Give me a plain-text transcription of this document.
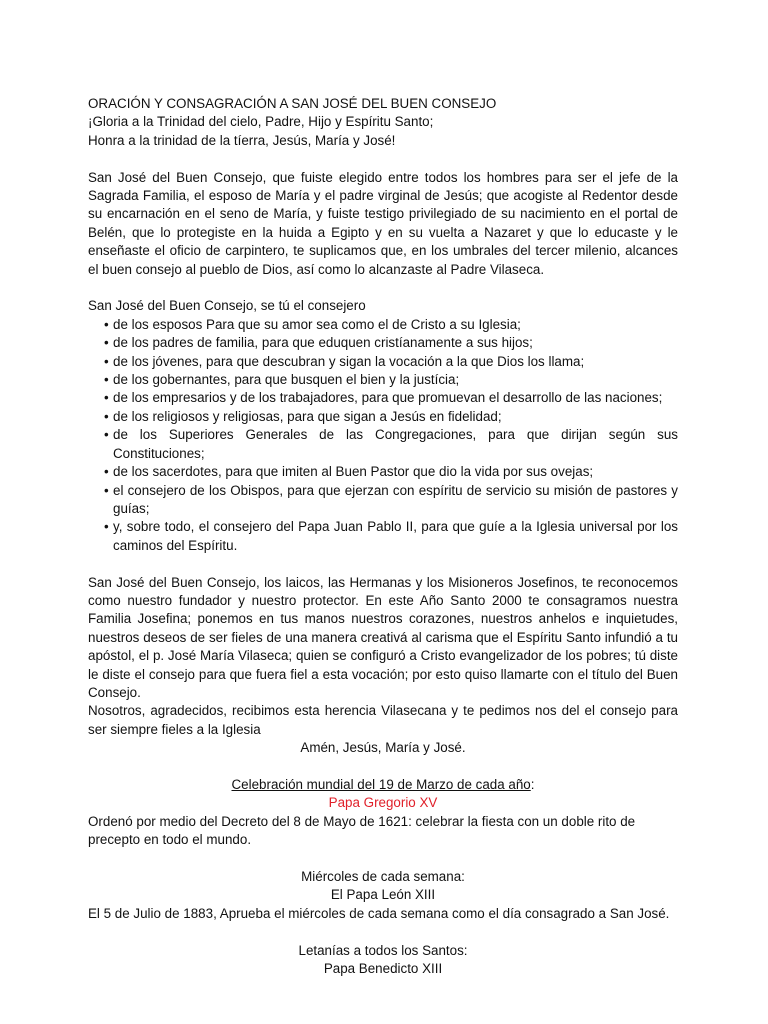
ORACIÓN Y CONSAGRACIÓN A SAN JOSÉ DEL BUEN CONSEJO

¡Gloria a la Trinidad del cielo, Padre, Hijo y Espíritu Santo;

Honra a la trinidad de la tíerra, Jesús, María y José!

San José del Buen Consejo, que fuiste elegido entre todos los hombres para ser el jefe de la Sagrada Familia, el esposo de María y el padre virginal de Jesús; que acogiste al Redentor desde su encarnación en el seno de María, y fuiste testigo privilegiado de su nacimiento en el portal de Belén, que lo protegiste en la huida a Egipto y en su vuelta a Nazaret y que lo educaste y le enseñaste el oficio de carpintero, te suplicamos que, en los umbrales del tercer milenio, alcances el buen consejo al pueblo de Dios, así como lo alcanzaste al Padre Vilaseca.

San José del Buen Consejo, se tú el consejero

• de los esposos Para que su amor sea como el de Cristo a su Iglesia;
• de los padres de familia, para que eduquen cristíanamente a sus hijos;
• de los jóvenes, para que descubran y sigan la vocación a la que Dios los llama;
• de los gobernantes, para que busquen el bien y la justícia;
• de los empresarios y de los trabajadores, para que promuevan el desarrollo de las naciones;
• de los religiosos y religiosas, para que sigan a Jesús en fidelidad;
• de los Superiores Generales de las Congregaciones, para que dirijan según sus Constituciones;
• de los sacerdotes, para que imiten al Buen Pastor que dio la vida por sus ovejas;
• el consejero de los Obispos, para que ejerzan con espíritu de servicio su misión de pastores y guías;
• y, sobre todo, el consejero del Papa Juan Pablo II, para que guíe a la Iglesia universal por los caminos del Espíritu.

San José del Buen Consejo, los laicos, las Hermanas y los Misioneros Josefinos, te reconocemos como nuestro fundador y nuestro protector. En este Año Santo 2000 te consagramos nuestra Familia Josefina; ponemos en tus manos nuestros corazones, nuestros anhelos e inquietudes, nuestros deseos de ser fieles de una manera creativá al carisma que el Espíritu Santo infundió a tu apóstol, el p. José María Vilaseca; quien se configuró a Cristo evangelizador de los pobres; tú diste le diste el consejo para que fuera fiel a esta vocación; por esto quiso llamarte con el título del Buen Consejo.

Nosotros, agradecidos, recibimos esta herencia Vilasecana y te pedimos nos del el consejo para ser siempre fieles a la Iglesia

Amén, Jesús, María y José.

Celebración mundial del 19 de Marzo de cada año:

Papa Gregorio XV

Ordenó por medio del Decreto del 8 de Mayo de 1621: celebrar la fiesta con un doble rito de precepto en todo el mundo.

Miércoles de cada semana:

El Papa León XIII

El 5 de Julio de 1883, Aprueba el miércoles de cada semana como el día consagrado a San José.

Letanías a todos los Santos:

Papa Benedicto XIII
